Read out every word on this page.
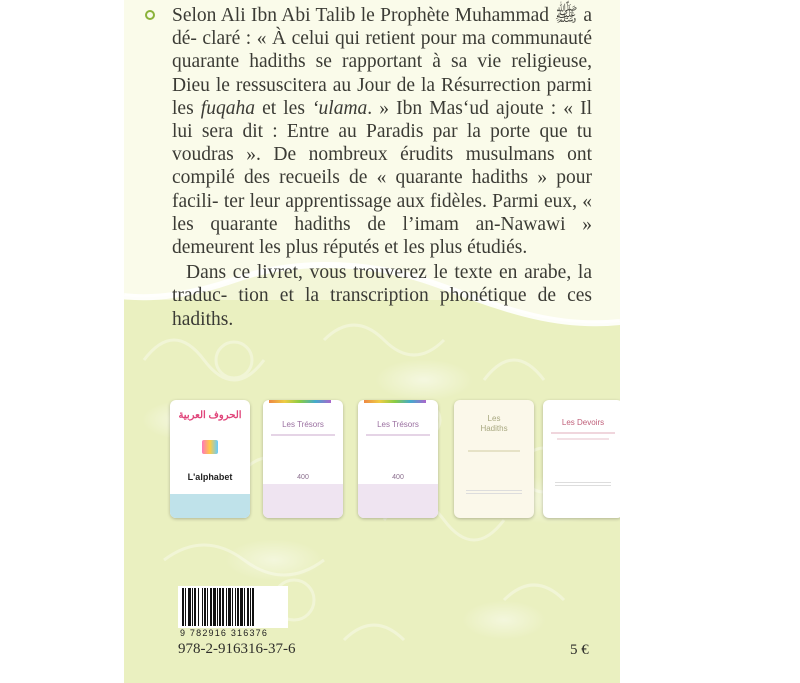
Selon Ali Ibn Abi Talib le Prophète Muhammad ﷺ a dé- claré : « À celui qui retient pour ma communauté quarante hadiths se rapportant à sa vie religieuse, Dieu le ressuscitera au Jour de la Résurrection parmi les fuqaha et les ‘ulama. » Ibn Mas‘ud ajoute : « Il lui sera dit : Entre au Paradis par la porte que tu voudras ». De nombreux érudits musulmans ont compilé des recueils de « quarante hadiths » pour facili- ter leur apprentissage aux fidèles. Parmi eux, « les quarante hadiths de l’imam an-Nawawi » demeurent les plus réputés et les plus étudiés.

Dans ce livret, vous trouverez le texte en arabe, la traduc- tion et la transcription phonétique de ces hadiths.

الحروف العربية
L'alphabet
Les Trésors
400
Les Trésors
400
Les
Hadiths
Les Devoirs
9 782916 316376
978-2-916316-37-6	5 €
